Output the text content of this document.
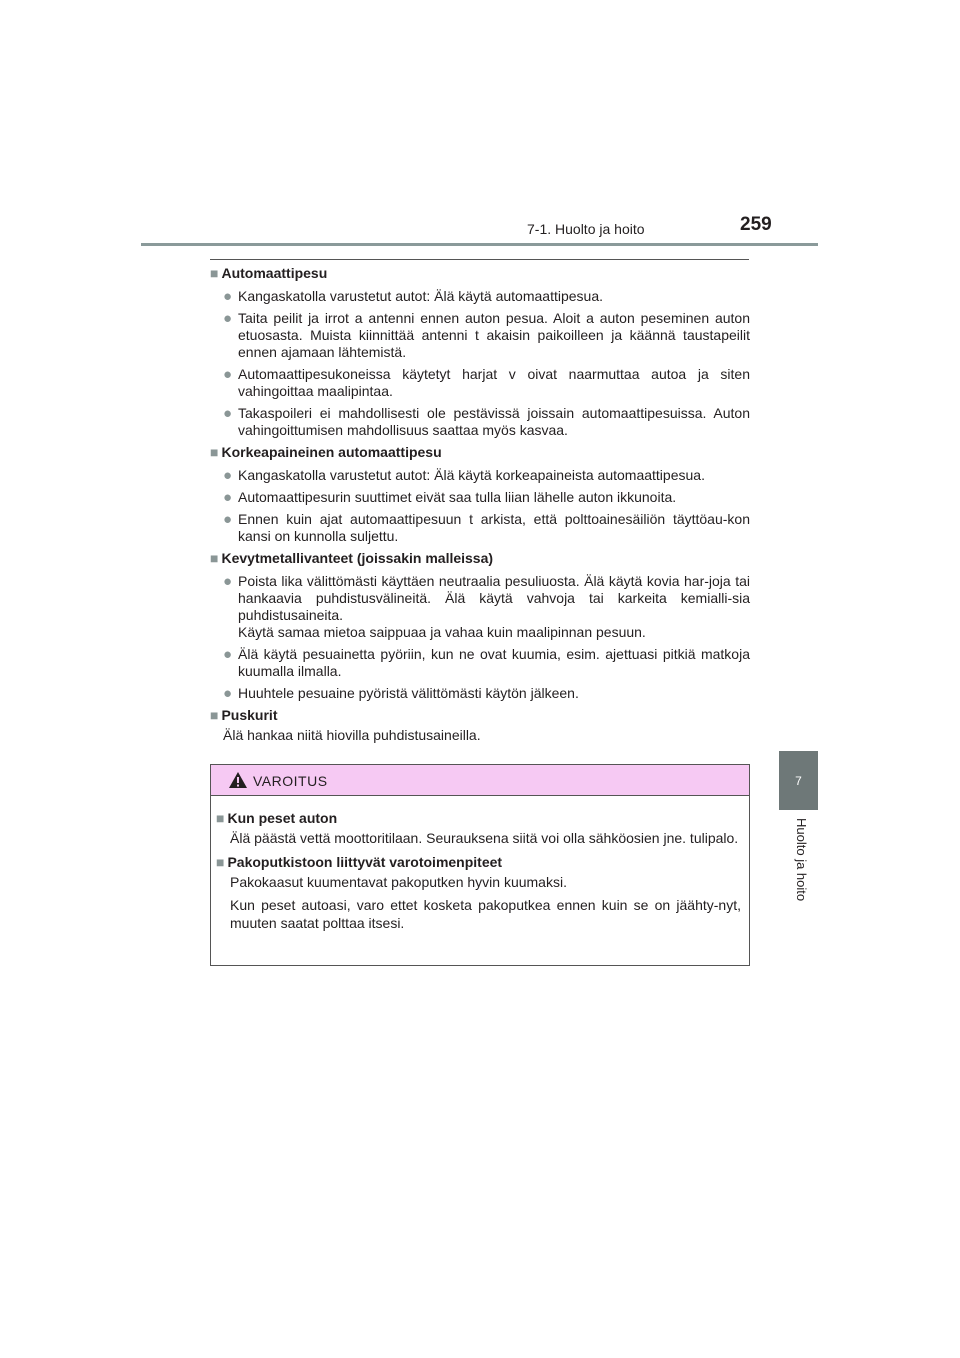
7-1. Huolto ja hoito	259
7
Huolto ja hoito
■ Automaattipesu
● Kangaskatolla varustetut autot: Älä käytä automaattipesua.
● Taita peilit ja irrot a antenni ennen auton pesua. Aloit a auton peseminen auton etuosasta. Muista kiinnittää antenni t akaisin paikoilleen ja käännä taustapeilit ennen ajamaan lähtemistä.
● Automaattipesukoneissa käytetyt harjat v oivat naarmuttaa autoa ja siten vahingoittaa maalipintaa.
● Takaspoileri ei mahdollisesti ole pestävissä joissain automaattipesuissa. Auton vahingoittumisen mahdollisuus saattaa myös kasvaa.
■ Korkeapaineinen automaattipesu
● Kangaskatolla varustetut autot: Älä käytä korkeapaineista automaattipesua.
● Automaattipesurin suuttimet eivät saa tulla liian lähelle auton ikkunoita.
● Ennen kuin ajat automaattipesuun t arkista, että polttoainesäiliön täyttöau-kon kansi on kunnolla suljettu.
■ Kevytmetallivanteet (joissakin malleissa)
● Poista lika välittömästi käyttäen neutraalia pesuliuosta. Älä käytä kovia har-joja tai hankaavia puhdistusvälineitä. Älä käytä vahvoja tai karkeita kemialli-sia puhdistusaineita.
Käytä samaa mietoa saippuaa ja vahaa kuin maalipinnan pesuun.
● Älä käytä pesuainetta pyöriin, kun ne ovat kuumia, esim. ajettuasi pitkiä matkoja kuumalla ilmalla.
● Huuhtele pesuaine pyöristä välittömästi käytön jälkeen.
■ Puskurit
Älä hankaa niitä hiovilla puhdistusaineilla.
VAROITUS
■ Kun peset auton
Älä päästä vettä moottoritilaan. Seurauksena siitä voi olla sähköosien jne. tulipalo.
■ Pakoputkistoon liittyvät varotoimenpiteet
Pakokaasut kuumentavat pakoputken hyvin kuumaksi.
Kun peset autoasi, varo ettet kosketa pakoputkea ennen kuin se on jäähty-nyt, muuten saatat polttaa itsesi.
